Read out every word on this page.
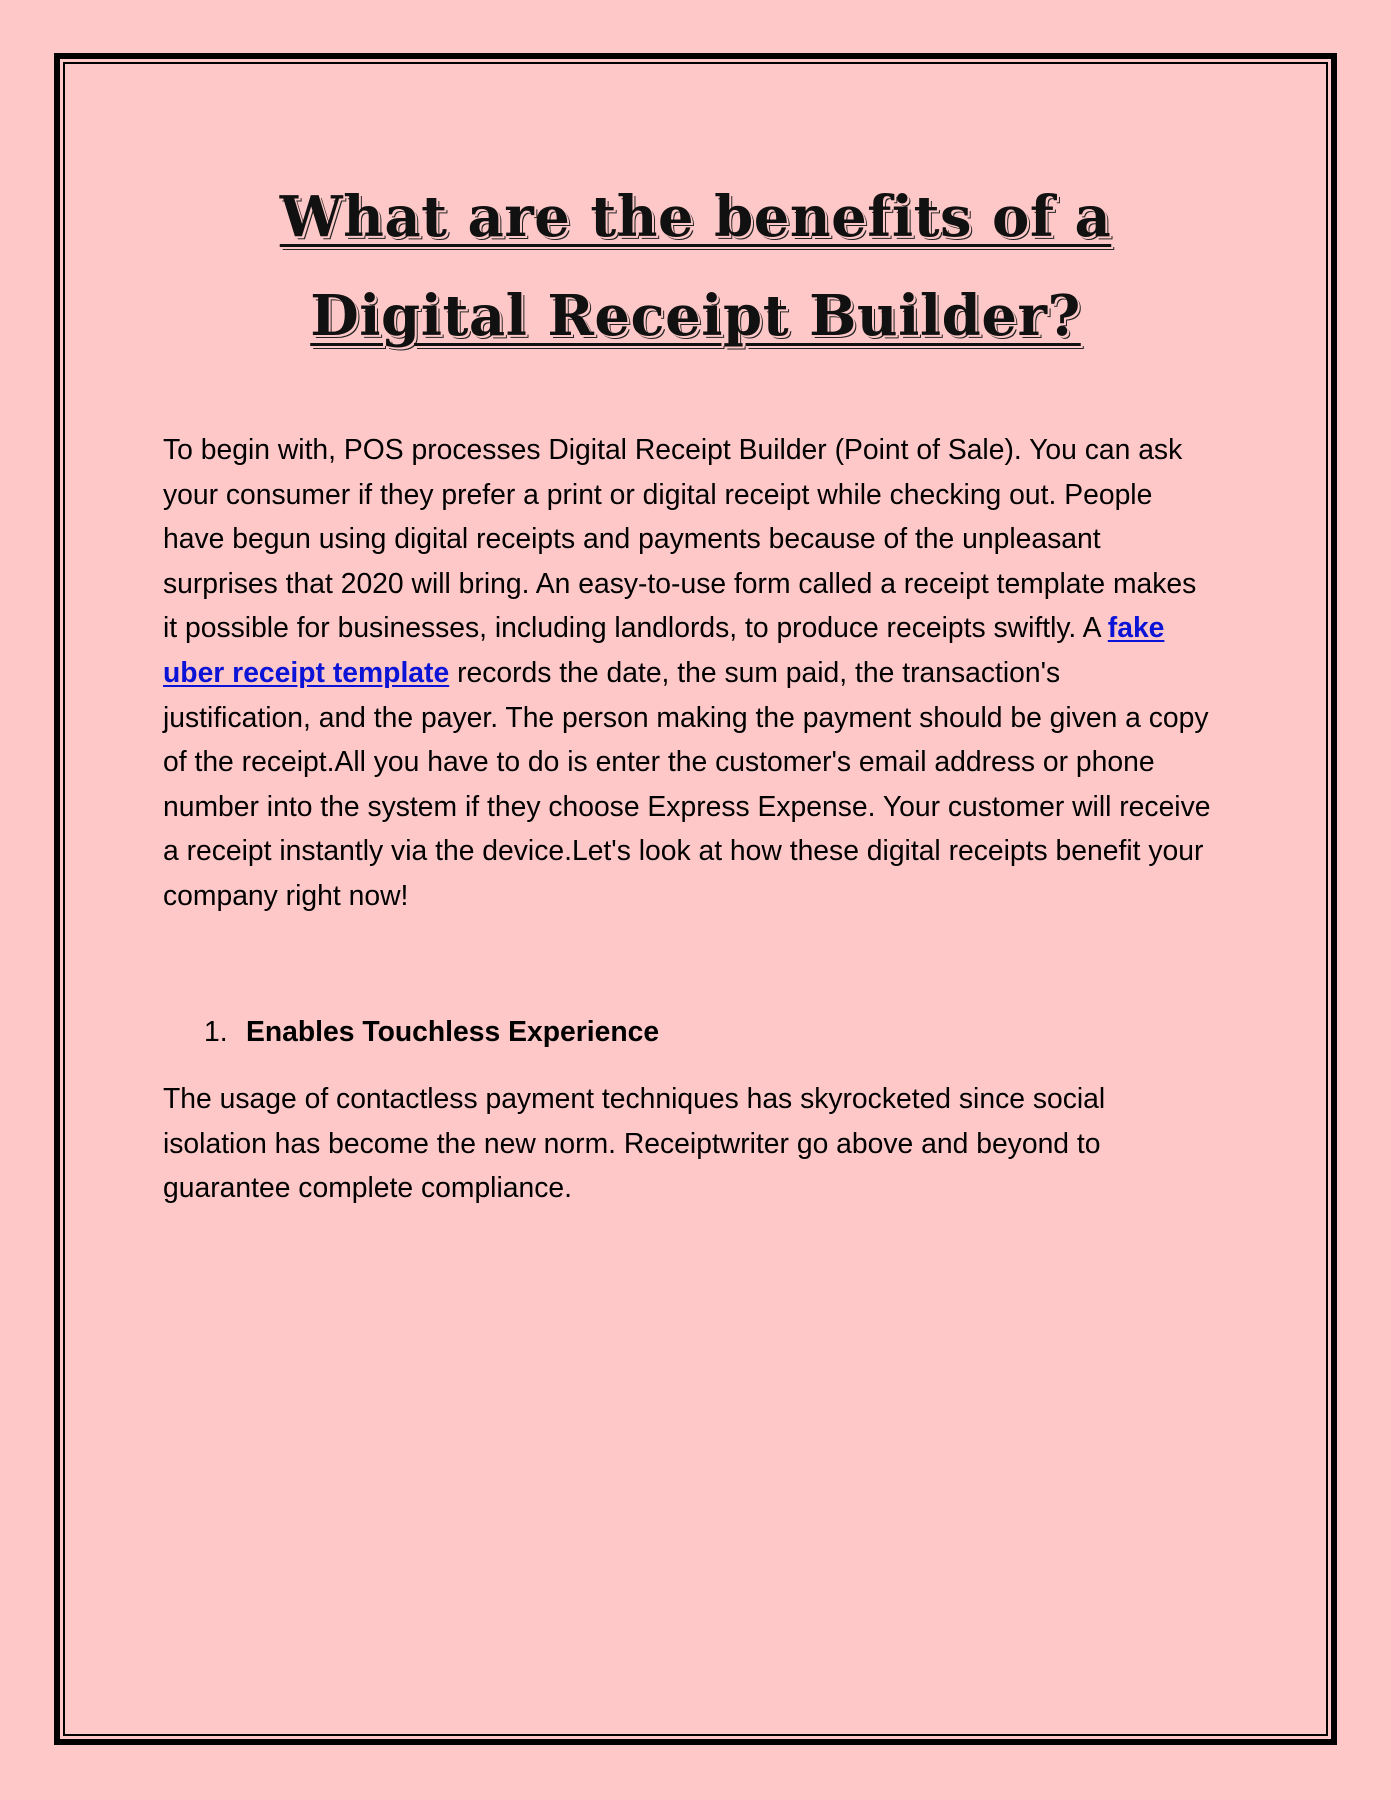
What are the benefits of a
Digital Receipt Builder?

To begin with, POS processes Digital Receipt Builder (Point of Sale). You can ask your consumer if they prefer a print or digital receipt while checking out. People have begun using digital receipts and payments because of the unpleasant surprises that 2020 will bring. An easy-to-use form called a receipt template makes it possible for businesses, including landlords, to produce receipts swiftly. A fake uber receipt template records the date, the sum paid, the transaction's justification, and the payer. The person making the payment should be given a copy of the receipt.All you have to do is enter the customer's email address or phone number into the system if they choose Express Expense. Your customer will receive a receipt instantly via the device.Let's look at how these digital receipts benefit your company right now!

1. Enables Touchless Experience

The usage of contactless payment techniques has skyrocketed since social isolation has become the new norm. Receiptwriter go above and beyond to guarantee complete compliance.
